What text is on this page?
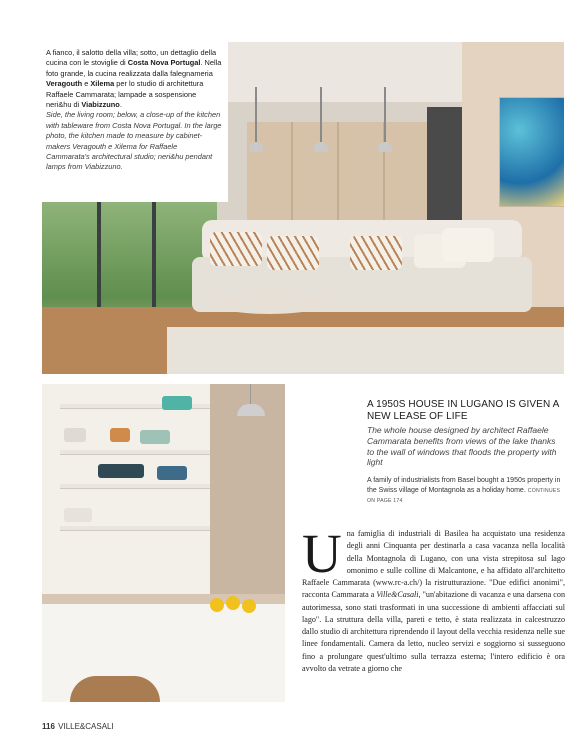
A fianco, il salotto della villa; sotto, un dettaglio della cucina con le stoviglie di Costa Nova Portugal. Nella foto grande, la cucina realizzata dalla falegnameria Veragouth e Xilema per lo studio di architettura Raffaele Cammarata; lampade a sospensione neri&hu di Viabizzuno.

Side, the living room; below, a close-up of the kitchen with tableware from Costa Nova Portugal. In the large photo, the kitchen made to measure by cabinet-makers Veragouth e Xilema for Raffaele Cammarata's architectural studio; neri&hu pendant lamps from Viabizzuno.

A 1950S HOUSE IN LUGANO IS GIVEN A NEW LEASE OF LIFE
The whole house designed by architect Raffaele Cammarata benefits from views of the lake thanks to the wall of windows that floods the property with light
A family of industrialists from Basel bought a 1950s property in the Swiss village of Montagnola as a holiday home. CONTINUES ON PAGE 174
U na famiglia di industriali di Basilea ha acquistato una residenza degli anni Cinquanta per destinarla a casa vacanza nella località della Montagnola di Lugano, con una vista strepitosa sul lago omonimo e sulle colline di Malcantone, e ha affidato all'architetto Raffaele Cammarata (www.rc-a.ch/) la ristrutturazione. "Due edifici anonimi", racconta Cammarata a Ville&Casali, "un'abitazione di vacanza e una darsena con autorimessa, sono stati trasformati in una successione di ambienti affacciati sul lago". La struttura della villa, pareti e tetto, è stata realizzata in calcestruzzo dallo studio di architettura riprendendo il layout della vecchia residenza nelle sue linee fondamentali. Camera da letto, nucleo servizi e soggiorno si susseguono fino a prolungare quest'ultimo sulla terrazza esterna; l'intero edificio è ora avvolto da vetrate a giorno che

116 VILLE&CASALI
